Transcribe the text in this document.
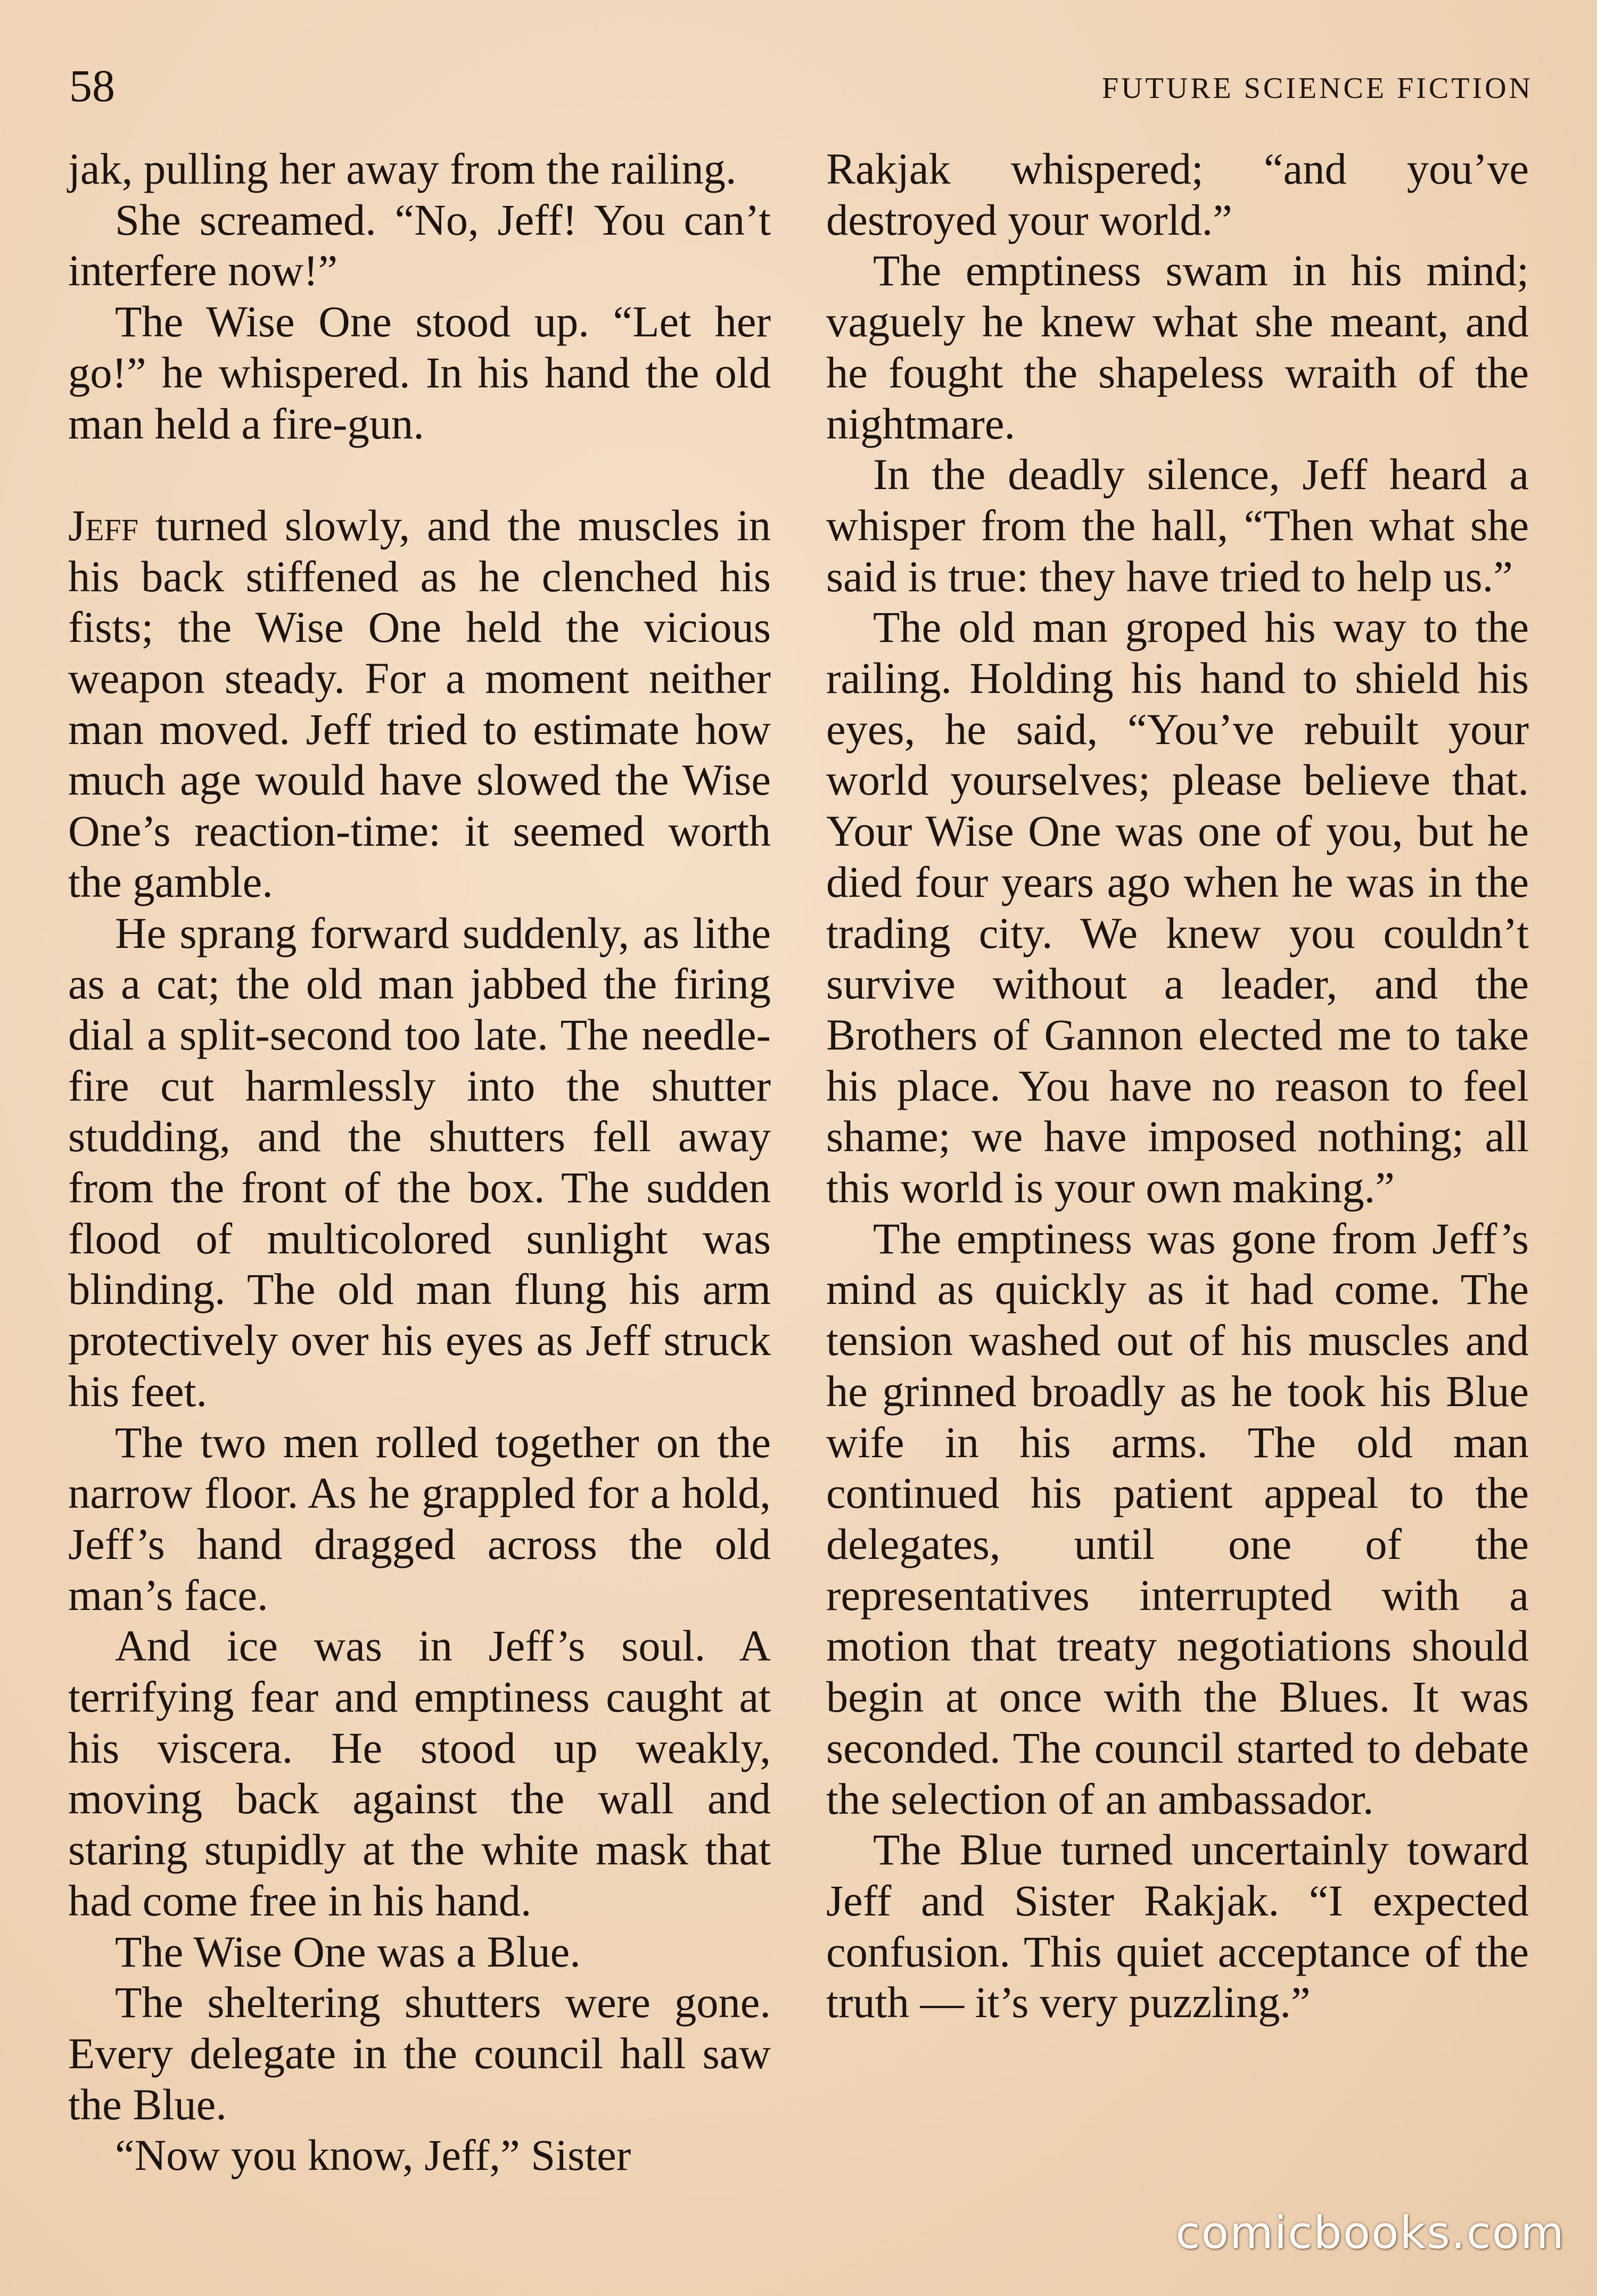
58	FUTURE SCIENCE FICTION

jak, pulling her away from the railing.

She screamed. “No, Jeff! You can’t interfere now!”

The Wise One stood up. “Let her go!” he whispered. In his hand the old man held a fire-gun.

Jeff turned slowly, and the muscles in his back stiffened as he clenched his fists; the Wise One held the vicious weapon steady. For a moment neither man moved. Jeff tried to estimate how much age would have slowed the Wise One’s reaction-time: it seemed worth the gamble.

He sprang forward suddenly, as lithe as a cat; the old man jabbed the firing dial a split-second too late. The needle-fire cut harmlessly into the shutter studding, and the shutters fell away from the front of the box. The sudden flood of multicolored sunlight was blinding. The old man flung his arm protectively over his eyes as Jeff struck his feet.

The two men rolled together on the narrow floor. As he grappled for a hold, Jeff’s hand dragged across the old man’s face.

And ice was in Jeff’s soul. A terrifying fear and emptiness caught at his viscera. He stood up weakly, moving back against the wall and staring stupidly at the white mask that had come free in his hand.

The Wise One was a Blue.

The sheltering shutters were gone. Every delegate in the council hall saw the Blue.

“Now you know, Jeff,” Sister

Rakjak whispered; “and you’ve destroyed your world.”

The emptiness swam in his mind; vaguely he knew what she meant, and he fought the shapeless wraith of the nightmare.

In the deadly silence, Jeff heard a whisper from the hall, “Then what she said is true: they have tried to help us.”

The old man groped his way to the railing. Holding his hand to shield his eyes, he said, “You’ve rebuilt your world yourselves; please believe that. Your Wise One was one of you, but he died four years ago when he was in the trading city. We knew you couldn’t survive without a leader, and the Brothers of Gannon elected me to take his place. You have no reason to feel shame; we have imposed nothing; all this world is your own making.”

The emptiness was gone from Jeff’s mind as quickly as it had come. The tension washed out of his muscles and he grinned broadly as he took his Blue wife in his arms. The old man continued his patient appeal to the delegates, until one of the representatives interrupted with a motion that treaty negotiations should begin at once with the Blues. It was seconded. The council started to debate the selection of an ambassador.

The Blue turned uncertainly toward Jeff and Sister Rakjak. “I expected confusion. This quiet acceptance of the truth — it’s very puzzling.”

comicbooks.com
